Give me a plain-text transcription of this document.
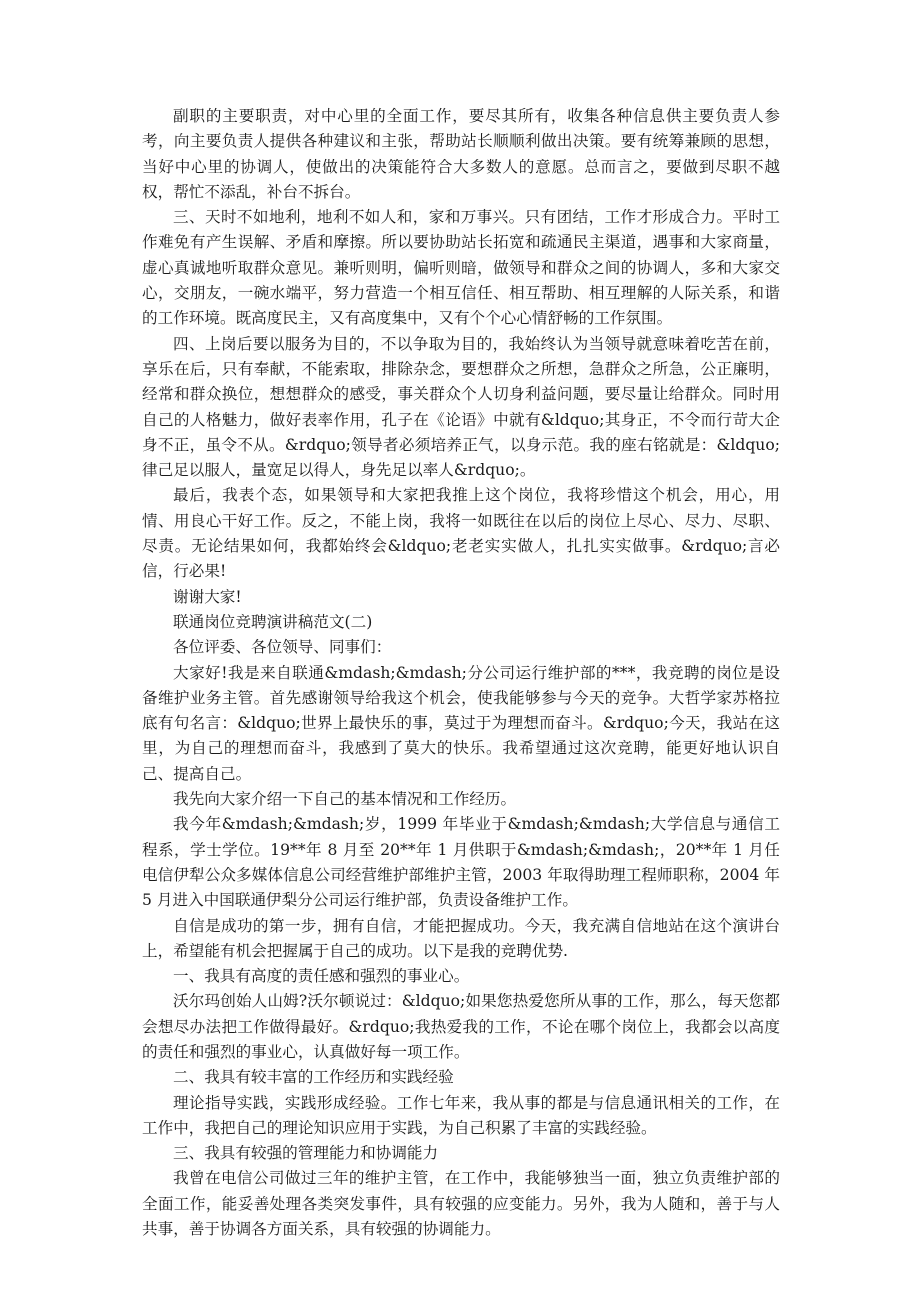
副职的主要职责，对中心里的全面工作，要尽其所有，收集各种信息供主要负责人参考，向主要负责人提供各种建议和主张，帮助站长顺顺利做出决策。要有统筹兼顾的思想，当好中心里的协调人，使做出的决策能符合大多数人的意愿。总而言之，要做到尽职不越权，帮忙不添乱，补台不拆台。

三、天时不如地利，地利不如人和，家和万事兴。只有团结，工作才形成合力。平时工作难免有产生误解、矛盾和摩擦。所以要协助站长拓宽和疏通民主渠道，遇事和大家商量，虚心真诚地听取群众意见。兼听则明，偏听则暗，做领导和群众之间的协调人，多和大家交心，交朋友，一碗水端平，努力营造一个相互信任、相互帮助、相互理解的人际关系，和谐的工作环境。既高度民主，又有高度集中，又有个个心心情舒畅的工作氛围。

四、上岗后要以服务为目的，不以争取为目的，我始终认为当领导就意味着吃苦在前，享乐在后，只有奉献，不能索取，排除杂念，要想群众之所想，急群众之所急，公正廉明，经常和群众换位，想想群众的感受，事关群众个人切身利益问题，要尽量让给群众。同时用自己的人格魅力，做好表率作用，孔子在《论语》中就有&ldquo;其身正，不令而行苛大企身不正，虽令不从。&rdquo;领导者必须培养正气，以身示范。我的座右铭就是：&ldquo;律己足以服人，量宽足以得人，身先足以率人&rdquo;。

最后，我表个态，如果领导和大家把我推上这个岗位，我将珍惜这个机会，用心，用情、用良心干好工作。反之，不能上岗，我将一如既往在以后的岗位上尽心、尽力、尽职、尽责。无论结果如何，我都始终会&ldquo;老老实实做人，扎扎实实做事。&rdquo;言必信，行必果!

谢谢大家!

联通岗位竞聘演讲稿范文(二)

各位评委、各位领导、同事们：

大家好!我是来自联通&mdash;&mdash;分公司运行维护部的***，我竞聘的岗位是设备维护业务主管。首先感谢领导给我这个机会，使我能够参与今天的竞争。大哲学家苏格拉底有句名言：&ldquo;世界上最快乐的事，莫过于为理想而奋斗。&rdquo;今天，我站在这里，为自己的理想而奋斗，我感到了莫大的快乐。我希望通过这次竞聘，能更好地认识自己、提高自己。

我先向大家介绍一下自己的基本情况和工作经历。

我今年&mdash;&mdash;岁，1999 年毕业于&mdash;&mdash;大学信息与通信工程系，学士学位。19**年 8 月至 20**年 1 月供职于&mdash;&mdash;，20**年 1 月任电信伊犁公众多媒体信息公司经营维护部维护主管，2003 年取得助理工程师职称，2004 年 5 月进入中国联通伊梨分公司运行维护部，负责设备维护工作。

自信是成功的第一步，拥有自信，才能把握成功。今天，我充满自信地站在这个演讲台上，希望能有机会把握属于自己的成功。以下是我的竞聘优势.

一、我具有高度的责任感和强烈的事业心。

沃尔玛创始人山姆?沃尔顿说过：&ldquo;如果您热爱您所从事的工作，那么，每天您都会想尽办法把工作做得最好。&rdquo;我热爱我的工作，不论在哪个岗位上，我都会以高度的责任和强烈的事业心，认真做好每一项工作。

二、我具有较丰富的工作经历和实践经验

理论指导实践，实践形成经验。工作七年来，我从事的都是与信息通讯相关的工作，在工作中，我把自己的理论知识应用于实践，为自己积累了丰富的实践经验。

三、我具有较强的管理能力和协调能力

我曾在电信公司做过三年的维护主管，在工作中，我能够独当一面，独立负责维护部的全面工作，能妥善处理各类突发事件，具有较强的应变能力。另外，我为人随和，善于与人共事，善于协调各方面关系，具有较强的协调能力。
